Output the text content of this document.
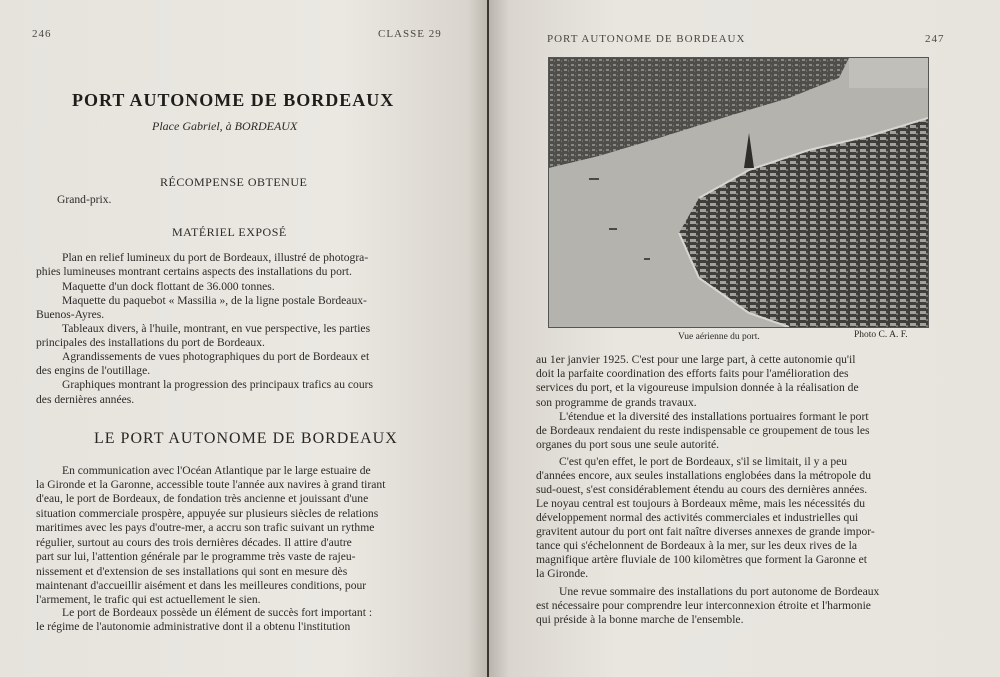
246	CLASSE 29
PORT AUTONOME DE BORDEAUX
Place Gabriel, à BORDEAUX
RÉCOMPENSE OBTENUE
Grand-prix.
MATÉRIEL EXPOSÉ
Plan en relief lumineux du port de Bordeaux, illustré de photogra-
phies lumineuses montrant certains aspects des installations du port.
Maquette d'un dock flottant de 36.000 tonnes.
Maquette du paquebot « Massilia », de la ligne postale Bordeaux-
Buenos-Ayres.
Tableaux divers, à l'huile, montrant, en vue perspective, les parties
principales des installations du port de Bordeaux.
Agrandissements de vues photographiques du port de Bordeaux et
des engins de l'outillage.
Graphiques montrant la progression des principaux trafics au cours
des dernières années.
LE PORT AUTONOME DE BORDEAUX
En communication avec l'Océan Atlantique par le large estuaire de
la Gironde et la Garonne, accessible toute l'année aux navires à grand tirant
d'eau, le port de Bordeaux, de fondation très ancienne et jouissant d'une
situation commerciale prospère, appuyée sur plusieurs siècles de relations
maritimes avec les pays d'outre-mer, a accru son trafic suivant un rythme
régulier, surtout au cours des trois dernières décades. Il attire d'autre
part sur lui, l'attention générale par le programme très vaste de rajeu-
nissement et d'extension de ses installations qui sont en mesure dès
maintenant d'accueillir aisément et dans les meilleures conditions, pour
l'armement, le trafic qui est actuellement le sien.
Le port de Bordeaux possède un élément de succès fort important :
le régime de l'autonomie administrative dont il a obtenu l'institution
PORT AUTONOME DE BORDEAUX	247
Vue aérienne du port.	Photo C. A. F.
au 1er janvier 1925. C'est pour une large part, à cette autonomie qu'il
doit la parfaite coordination des efforts faits pour l'amélioration des
services du port, et la vigoureuse impulsion donnée à la réalisation de
son programme de grands travaux.
L'étendue et la diversité des installations portuaires formant le port
de Bordeaux rendaient du reste indispensable ce groupement de tous les
organes du port sous une seule autorité.
C'est qu'en effet, le port de Bordeaux, s'il se limitait, il y a peu
d'années encore, aux seules installations englobées dans la métropole du
sud-ouest, s'est considérablement étendu au cours des dernières années.
Le noyau central est toujours à Bordeaux même, mais les nécessités du
développement normal des activités commerciales et industrielles qui
gravitent autour du port ont fait naître diverses annexes de grande impor-
tance qui s'échelonnent de Bordeaux à la mer, sur les deux rives de la
magnifique artère fluviale de 100 kilomètres que forment la Garonne et
la Gironde.
Une revue sommaire des installations du port autonome de Bordeaux
est nécessaire pour comprendre leur interconnexion étroite et l'harmonie
qui préside à la bonne marche de l'ensemble.
